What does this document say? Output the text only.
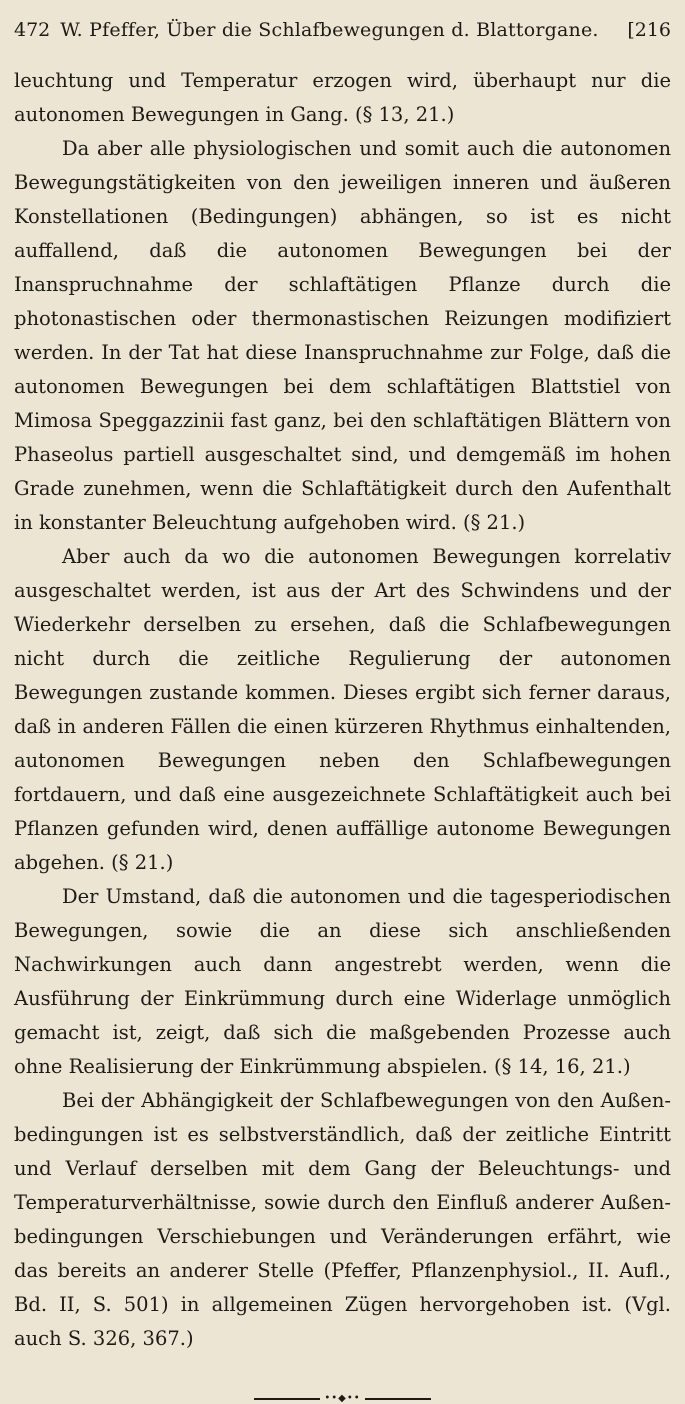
472 W. Pfeffer, Über die Schlafbewegungen d. Blattorgane.	[216

leuchtung und Temperatur erzogen wird, überhaupt nur die autonomen Bewegungen in Gang. (§ 13, 21.)

Da aber alle physiologischen und somit auch die autonomen Bewegungstätigkeiten von den jeweiligen inneren und äußeren Konstellationen (Bedingungen) abhängen, so ist es nicht auffallend, daß die autonomen Bewegungen bei der Inanspruchnahme der schlaftätigen Pflanze durch die photonastischen oder thermonastischen Reizungen modifiziert werden. In der Tat hat diese Inanspruchnahme zur Folge, daß die autonomen Bewegungen bei dem schlaftätigen Blattstiel von Mimosa Speggazzinii fast ganz, bei den schlaftätigen Blättern von Phaseolus partiell ausgeschaltet sind, und demgemäß im hohen Grade zunehmen, wenn die Schlaftätigkeit durch den Aufenthalt in konstanter Beleuchtung aufgehoben wird. (§ 21.)

Aber auch da wo die autonomen Bewegungen korrelativ ausgeschaltet werden, ist aus der Art des Schwindens und der Wiederkehr derselben zu ersehen, daß die Schlafbewegungen nicht durch die zeitliche Regulierung der autonomen Bewegungen zustande kommen. Dieses ergibt sich ferner daraus, daß in anderen Fällen die einen kürzeren Rhythmus einhaltenden, autonomen Bewegungen neben den Schlafbewegungen fortdauern, und daß eine ausgezeichnete Schlaftätigkeit auch bei Pflanzen gefunden wird, denen auffällige autonome Bewegungen abgehen. (§ 21.)

Der Umstand, daß die autonomen und die tagesperiodischen Bewegungen, sowie die an diese sich anschließenden Nachwirkungen auch dann angestrebt werden, wenn die Ausführung der Einkrümmung durch eine Widerlage unmöglich gemacht ist, zeigt, daß sich die maßgebenden Prozesse auch ohne Realisierung der Einkrümmung abspielen. (§ 14, 16, 21.)

Bei der Abhängigkeit der Schlafbewegungen von den Außenbedingungen ist es selbstverständlich, daß der zeitliche Eintritt und Verlauf derselben mit dem Gang der Beleuchtungs- und Temperaturverhältnisse, sowie durch den Einfluß anderer Außenbedingungen Verschiebungen und Veränderungen erfährt, wie das bereits an anderer Stelle (Pfeffer, Pflanzenphysiol., II. Aufl., Bd. II, S. 501) in allgemeinen Zügen hervorgehoben ist. (Vgl. auch S. 326, 367.)

••◆••
